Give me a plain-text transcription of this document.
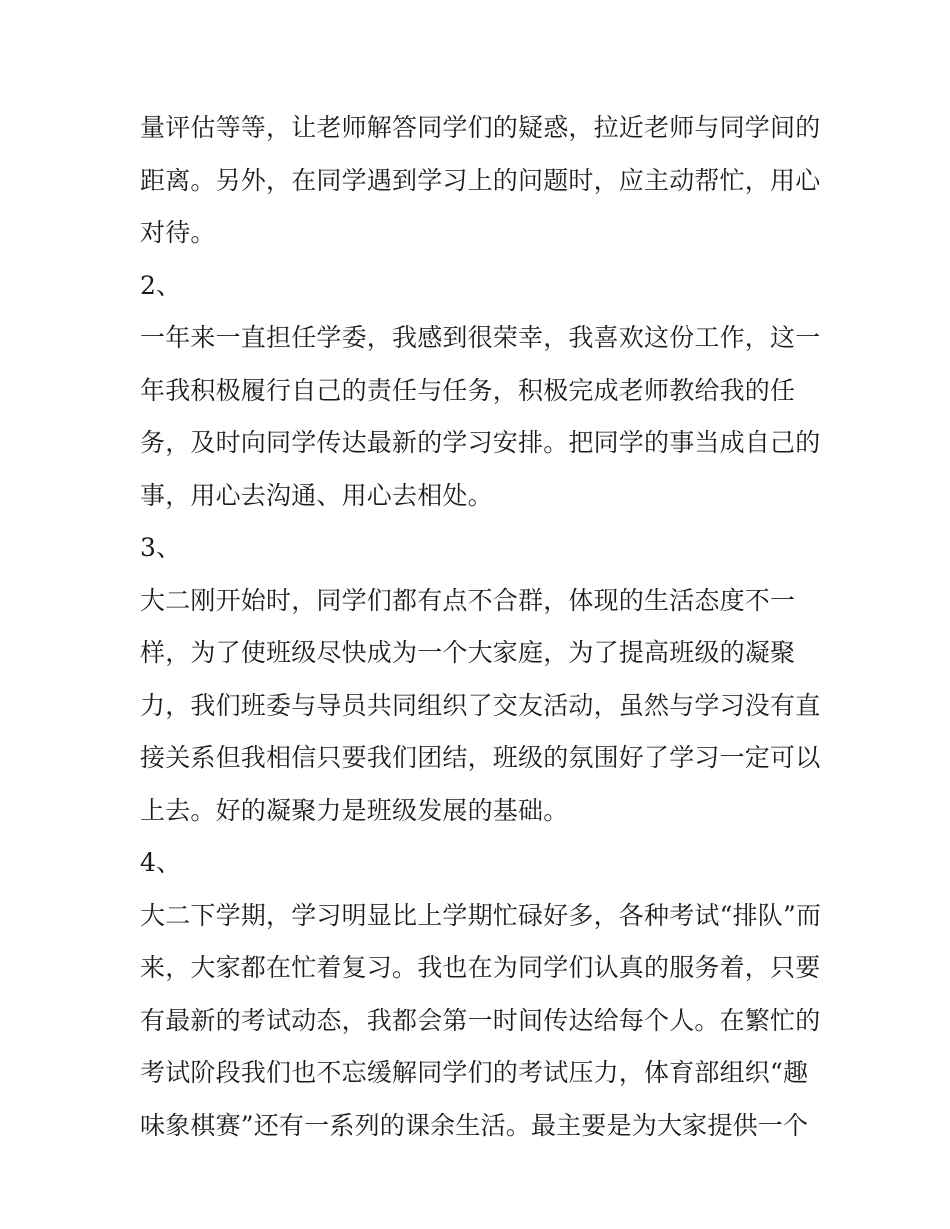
量评估等等，让老师解答同学们的疑惑，拉近老师与同学间的
距离。另外，在同学遇到学习上的问题时，应主动帮忙，用心
对待。
2、
一年来一直担任学委，我感到很荣幸，我喜欢这份工作，这一
年我积极履行自己的责任与任务，积极完成老师教给我的任
务，及时向同学传达最新的学习安排。把同学的事当成自己的
事，用心去沟通、用心去相处。
3、
大二刚开始时，同学们都有点不合群，体现的生活态度不一
样，为了使班级尽快成为一个大家庭，为了提高班级的凝聚
力，我们班委与导员共同组织了交友活动，虽然与学习没有直
接关系但我相信只要我们团结，班级的氛围好了学习一定可以
上去。好的凝聚力是班级发展的基础。
4、
大二下学期，学习明显比上学期忙碌好多，各种考试“排队”而
来，大家都在忙着复习。我也在为同学们认真的服务着，只要
有最新的考试动态，我都会第一时间传达给每个人。在繁忙的
考试阶段我们也不忘缓解同学们的考试压力，体育部组织“趣
味象棋赛”还有一系列的课余生活。最主要是为大家提供一个
